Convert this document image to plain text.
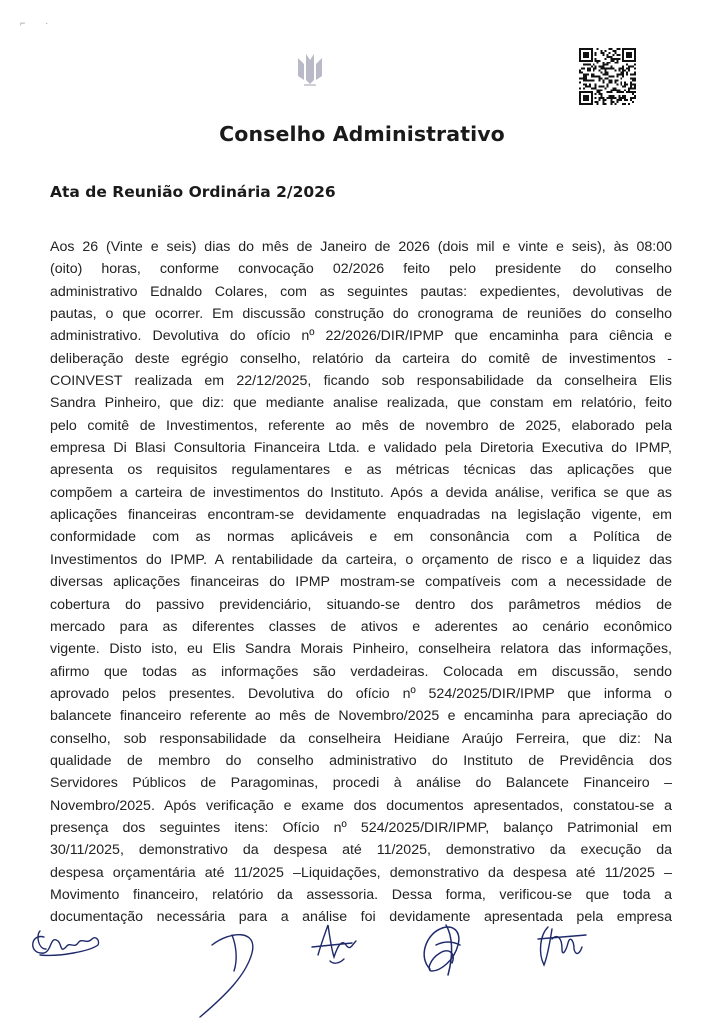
⌐        ·
Conselho Administrativo
Ata de Reunião Ordinária 2/2026
Aos 26 (Vinte e seis) dias do mês de Janeiro de 2026 (dois mil e vinte e seis), às 08:00
(oito) horas, conforme convocação 02/2026 feito pelo presidente do conselho
administrativo Ednaldo Colares, com as seguintes pautas: expedientes, devolutivas de
pautas, o que ocorrer. Em discussão construção do cronograma de reuniões do conselho
administrativo. Devolutiva do ofício nº 22/2026/DIR/IPMP que encaminha para ciência e
deliberação deste egrégio conselho, relatório da carteira do comitê de investimentos -
COINVEST realizada em 22/12/2025, ficando sob responsabilidade da conselheira Elis
Sandra Pinheiro, que diz: que mediante analise realizada, que constam em relatório, feito
pelo comitê de Investimentos, referente ao mês de novembro de 2025, elaborado pela
empresa Di Blasi Consultoria Financeira Ltda. e validado pela Diretoria Executiva do IPMP,
apresenta os requisitos regulamentares e as métricas técnicas das aplicações que
compõem a carteira de investimentos do Instituto. Após a devida análise, verifica se que as
aplicações financeiras encontram-se devidamente enquadradas na legislação vigente, em
conformidade com as normas aplicáveis e em consonância com a Política de
Investimentos do IPMP. A rentabilidade da carteira, o orçamento de risco e a liquidez das
diversas aplicações financeiras do IPMP mostram-se compatíveis com a necessidade de
cobertura do passivo previdenciário, situando-se dentro dos parâmetros médios de
mercado para as diferentes classes de ativos e aderentes ao cenário econômico
vigente. Disto isto, eu Elis Sandra Morais Pinheiro, conselheira relatora das informações,
afirmo que todas as informações são verdadeiras. Colocada em discussão, sendo
aprovado pelos presentes. Devolutiva do ofício nº 524/2025/DIR/IPMP que informa o
balancete financeiro referente ao mês de Novembro/2025 e encaminha para apreciação do
conselho, sob responsabilidade da conselheira Heidiane Araújo Ferreira, que diz: Na
qualidade de membro do conselho administrativo do Instituto de Previdência dos
Servidores Públicos de Paragominas, procedi à análise do Balancete Financeiro –
Novembro/2025. Após verificação e exame dos documentos apresentados, constatou-se a
presença dos seguintes itens: Ofício nº 524/2025/DIR/IPMP, balanço Patrimonial em
30/11/2025, demonstrativo da despesa até 11/2025, demonstrativo da execução da
despesa orçamentária até 11/2025 –Liquidações, demonstrativo da despesa até 11/2025 –
Movimento financeiro, relatório da assessoria. Dessa forma, verificou-se que toda a
documentação necessária para a análise foi devidamente apresentada pela empresa
